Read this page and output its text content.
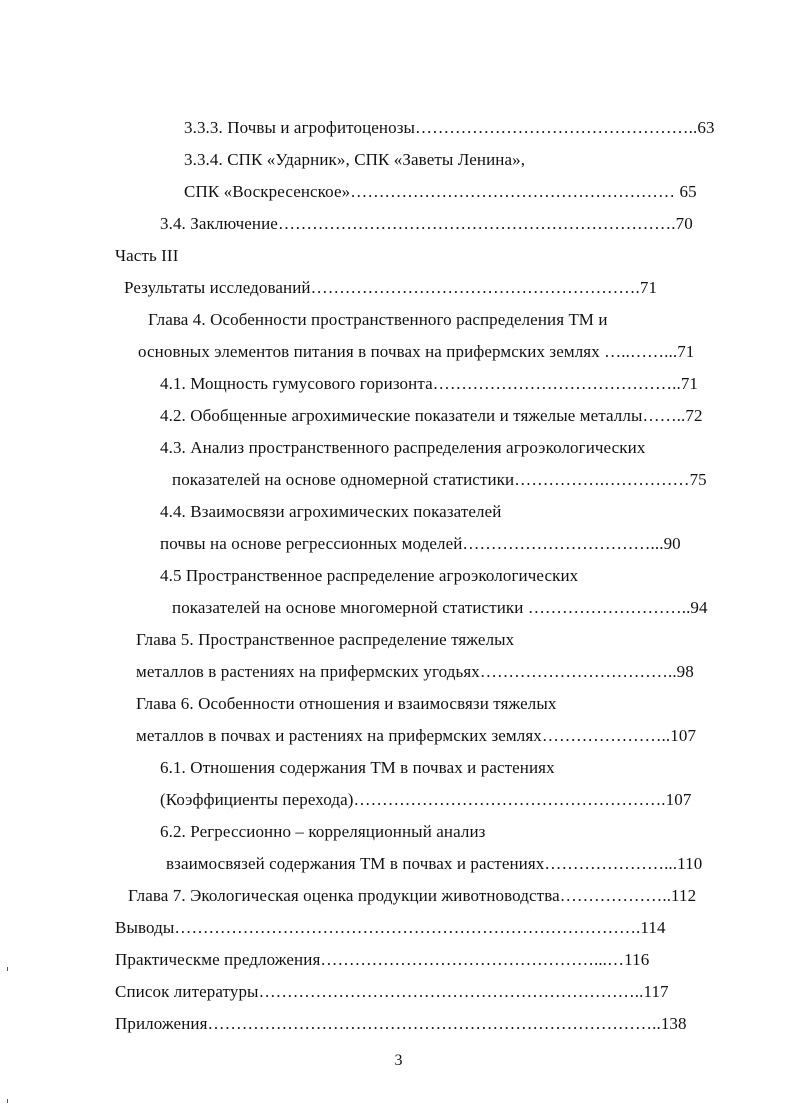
3.3.3. Почвы и агрофитоценозы…………………………………………..63
3.3.4. СПК «Ударник», СПК «Заветы Ленина»,
СПК «Воскресенское»………………………………………………… 65
3.4. Заключение…………………………………………………………….70
Часть III
Результаты исследований………………………………………………….71
Глава 4. Особенности пространственного распределения ТМ и
основных элементов питания в почвах на прифермских землях …..……...71
4.1. Мощность гумусового горизонта……………………………………..71
4.2. Обобщенные агрохимические показатели и тяжелые металлы……..72
4.3. Анализ пространственного распределения агроэкологических
показателей на основе одномерной статистики…………….……………75
4.4. Взаимосвязи агрохимических показателей
почвы на основе регрессионных моделей……………………………...90
4.5 Пространственное распределение агроэкологических
показателей на основе многомерной статистики ………………………..94
Глава 5. Пространственное распределение тяжелых
металлов в растениях на прифермских угодьях……………………………..98
Глава 6. Особенности отношения и взаимосвязи тяжелых
металлов в почвах и растениях на прифермских землях…………………..107
6.1. Отношения содержания ТМ в почвах и растениях
(Коэффициенты перехода)……………………………………………….107
6.2. Регрессионно – корреляционный анализ
взаимосвязей содержания ТМ в почвах и растениях…………………...110
Глава 7. Экологическая оценка продукции животноводства………………..112
Выводы……………………………………………………………………….114
Практическме предложения…………………………………………...…116
Список литературы…………………………………………………………..117
Приложения……………………………………………………………………..138
3
